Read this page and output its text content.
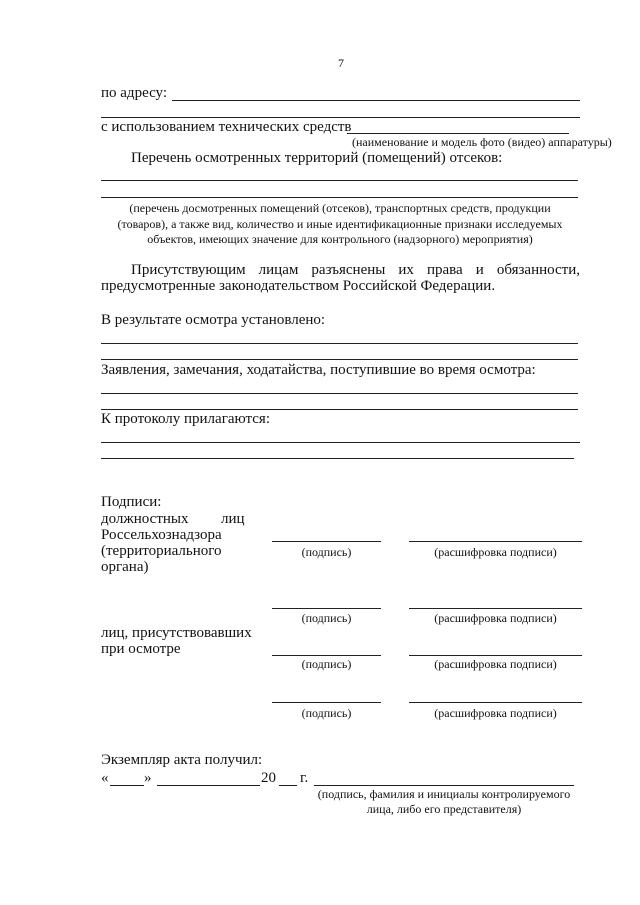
7
по адресу:
с использованием технических средств
(наименование и модель фото (видео) аппаратуры)
Перечень осмотренных территорий (помещений) отсеков:
(перечень досмотренных помещений (отсеков), транспортных средств, продукции
(товаров), а также вид, количество и иные идентификационные признаки исследуемых
объектов, имеющих значение для контрольного (надзорного) мероприятия)
Присутствующим лицам разъяснены их права и обязанности,
предусмотренные законодательством Российской Федерации.
В результате осмотра установлено:
Заявления, замечания, ходатайства, поступившие во время осмотра:
К протоколу прилагаются:
Подписи:
должностных лиц
Россельхознадзора
(территориального
органа)
(подпись)	(расшифровка подписи)
(подпись)	(расшифровка подписи)
лиц, присутствовавших
при осмотре
(подпись)	(расшифровка подписи)
(подпись)	(расшифровка подписи)
Экземпляр акта получил:
« »	20 г.
(подпись, фамилия и инициалы контролируемого
лица, либо его представителя)
